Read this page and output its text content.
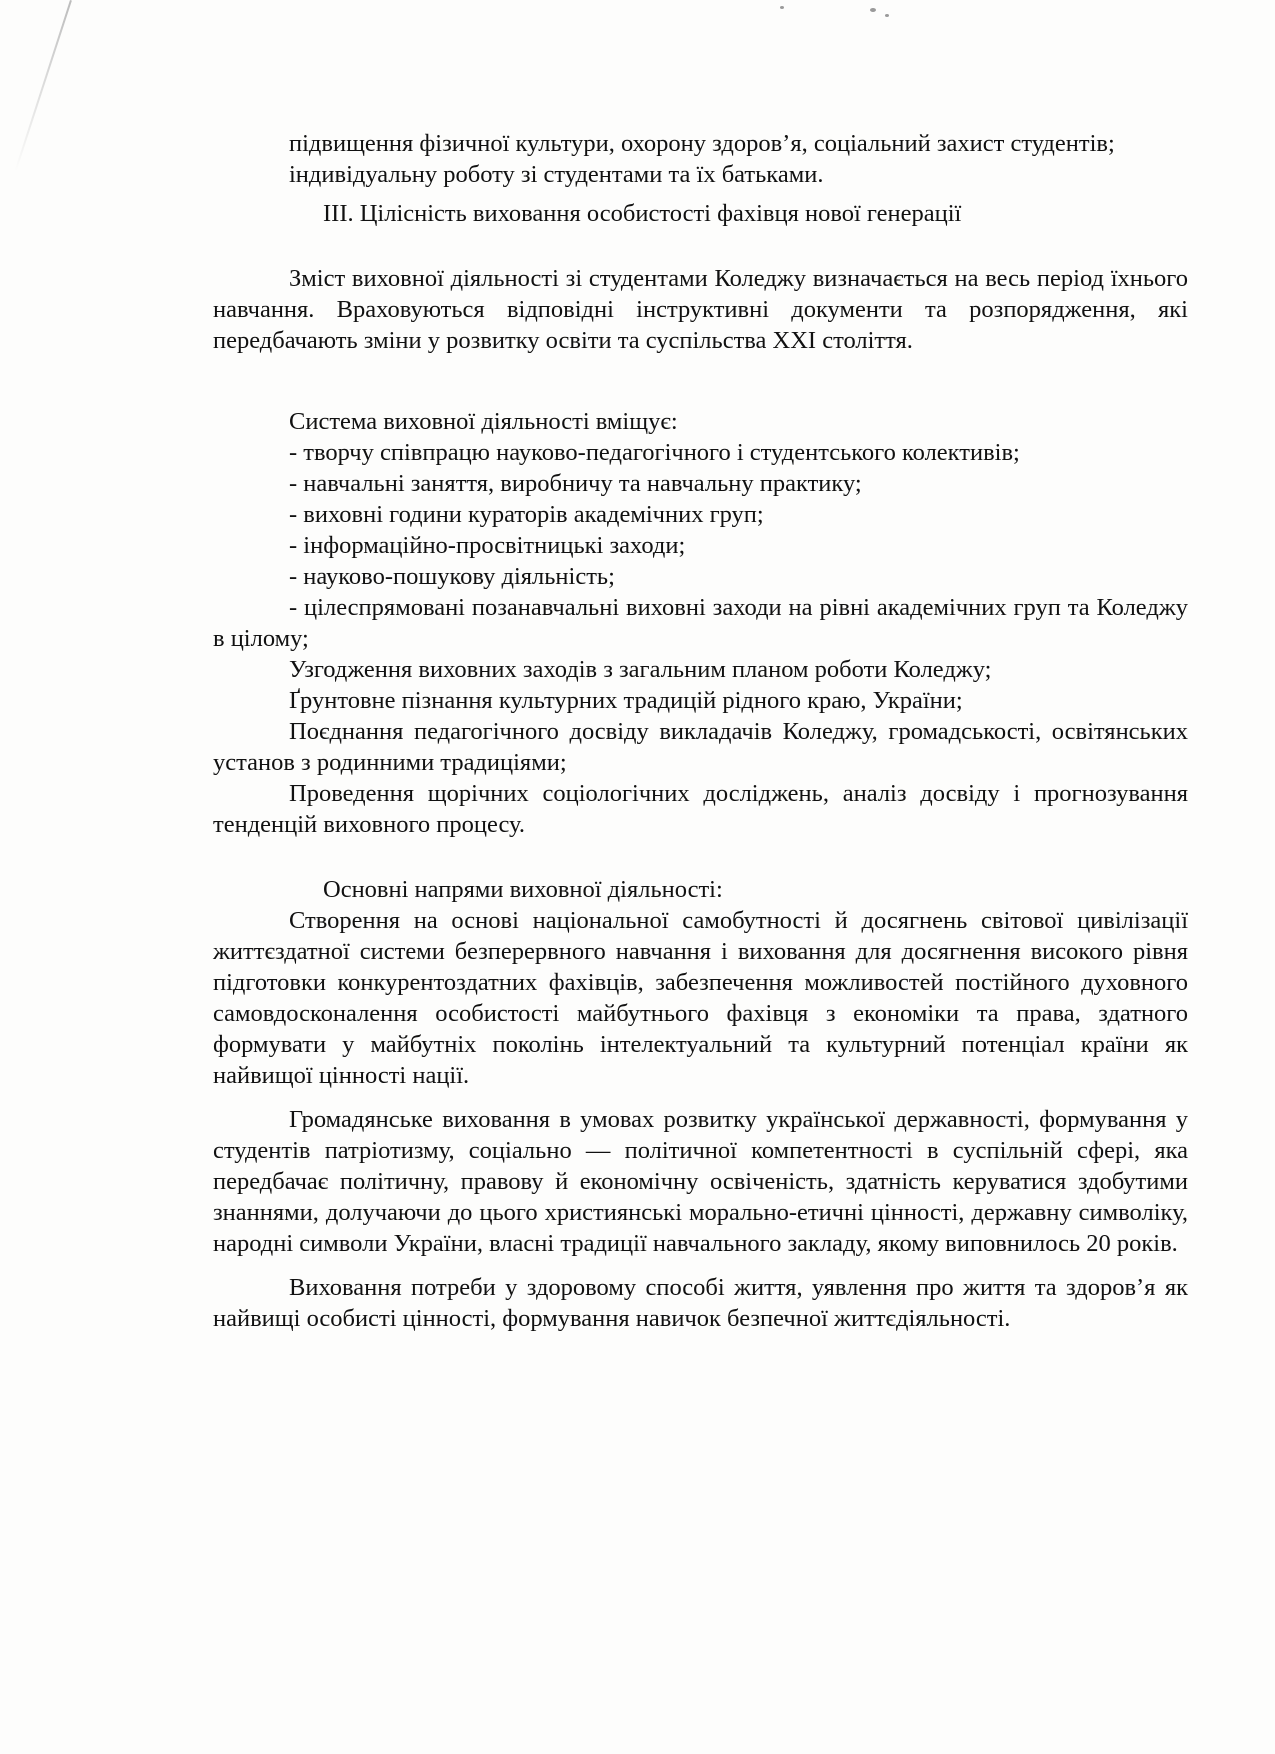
підвищення фізичної культури, охорону здоров’я, соціальний захист студентів;

індивідуальну роботу зі студентами та їх батьками.

ІІІ. Цілісність виховання особистості фахівця нової генерації

Зміст виховної діяльності зі студентами Коледжу визначається на весь період їхнього навчання. Враховуються відповідні інструктивні документи та розпорядження, які передбачають зміни у розвитку освіти та суспільства ХХІ століття.

Система виховної діяльності вміщує:

- творчу співпрацю науково-педагогічного і студентського колективів;

- навчальні заняття, виробничу та навчальну практику;

- виховні години кураторів академічних груп;

- інформаційно-просвітницькі заходи;

- науково-пошукову діяльність;

- цілеспрямовані позанавчальні виховні заходи на рівні академічних груп та Коледжу в цілому;

Узгодження виховних заходів з загальним планом роботи Коледжу;

Ґрунтовне пізнання культурних традицій рідного краю, України;

Поєднання педагогічного досвіду викладачів Коледжу, громадськості, освітянських установ з родинними традиціями;

Проведення щорічних соціологічних досліджень, аналіз досвіду і прогнозування тенденцій виховного процесу.

Основні напрями виховної діяльності:

Створення на основі національної самобутності й досягнень світової цивілізації життєздатної системи безперервного навчання і виховання для досягнення високого рівня підготовки конкурентоздатних фахівців, забезпечення можливостей постійного духовного самовдосконалення особистості майбутнього фахівця з економіки та права, здатного формувати у майбутніх поколінь інтелектуальний та культурний потенціал країни як найвищої цінності нації.

Громадянське виховання в умовах розвитку української державності, формування у студентів патріотизму, соціально — політичної компетентності в суспільній сфері, яка передбачає політичну, правову й економічну освіченість, здатність керуватися здобутими знаннями, долучаючи до цього християнські морально-етичні цінності, державну символіку, народні символи України, власні традиції навчального закладу, якому виповнилось 20 років.

Виховання потреби у здоровому способі життя, уявлення про життя та здоров’я як найвищі особисті цінності, формування навичок безпечної життєдіяльності.
